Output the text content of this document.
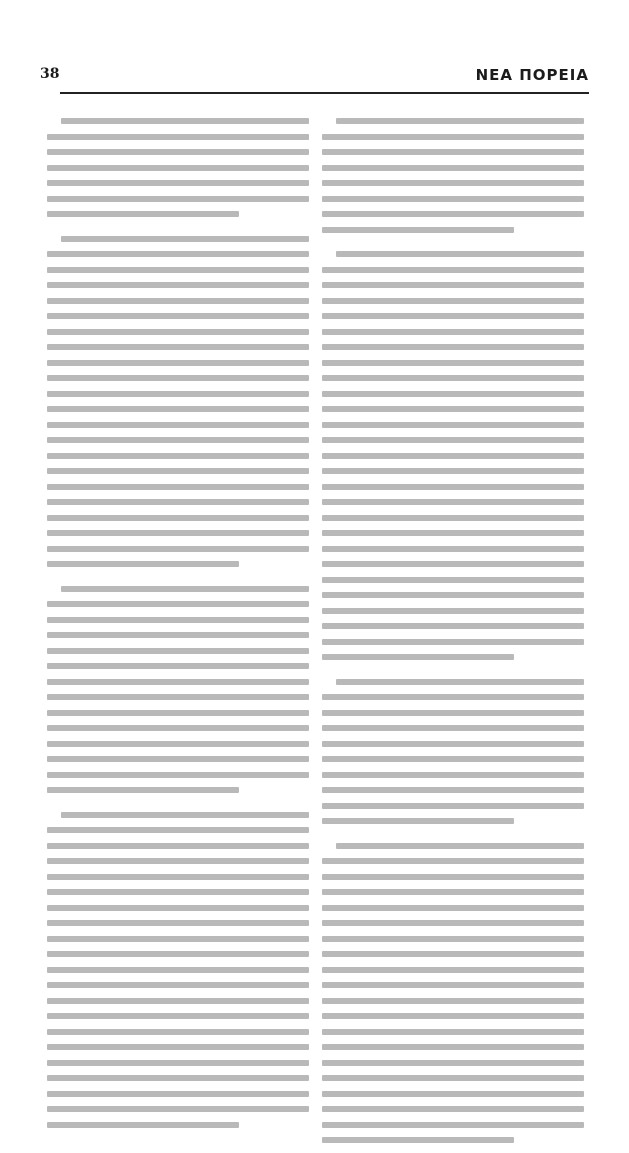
38	ΝΕΑ ΠΟΡΕΙΑ
